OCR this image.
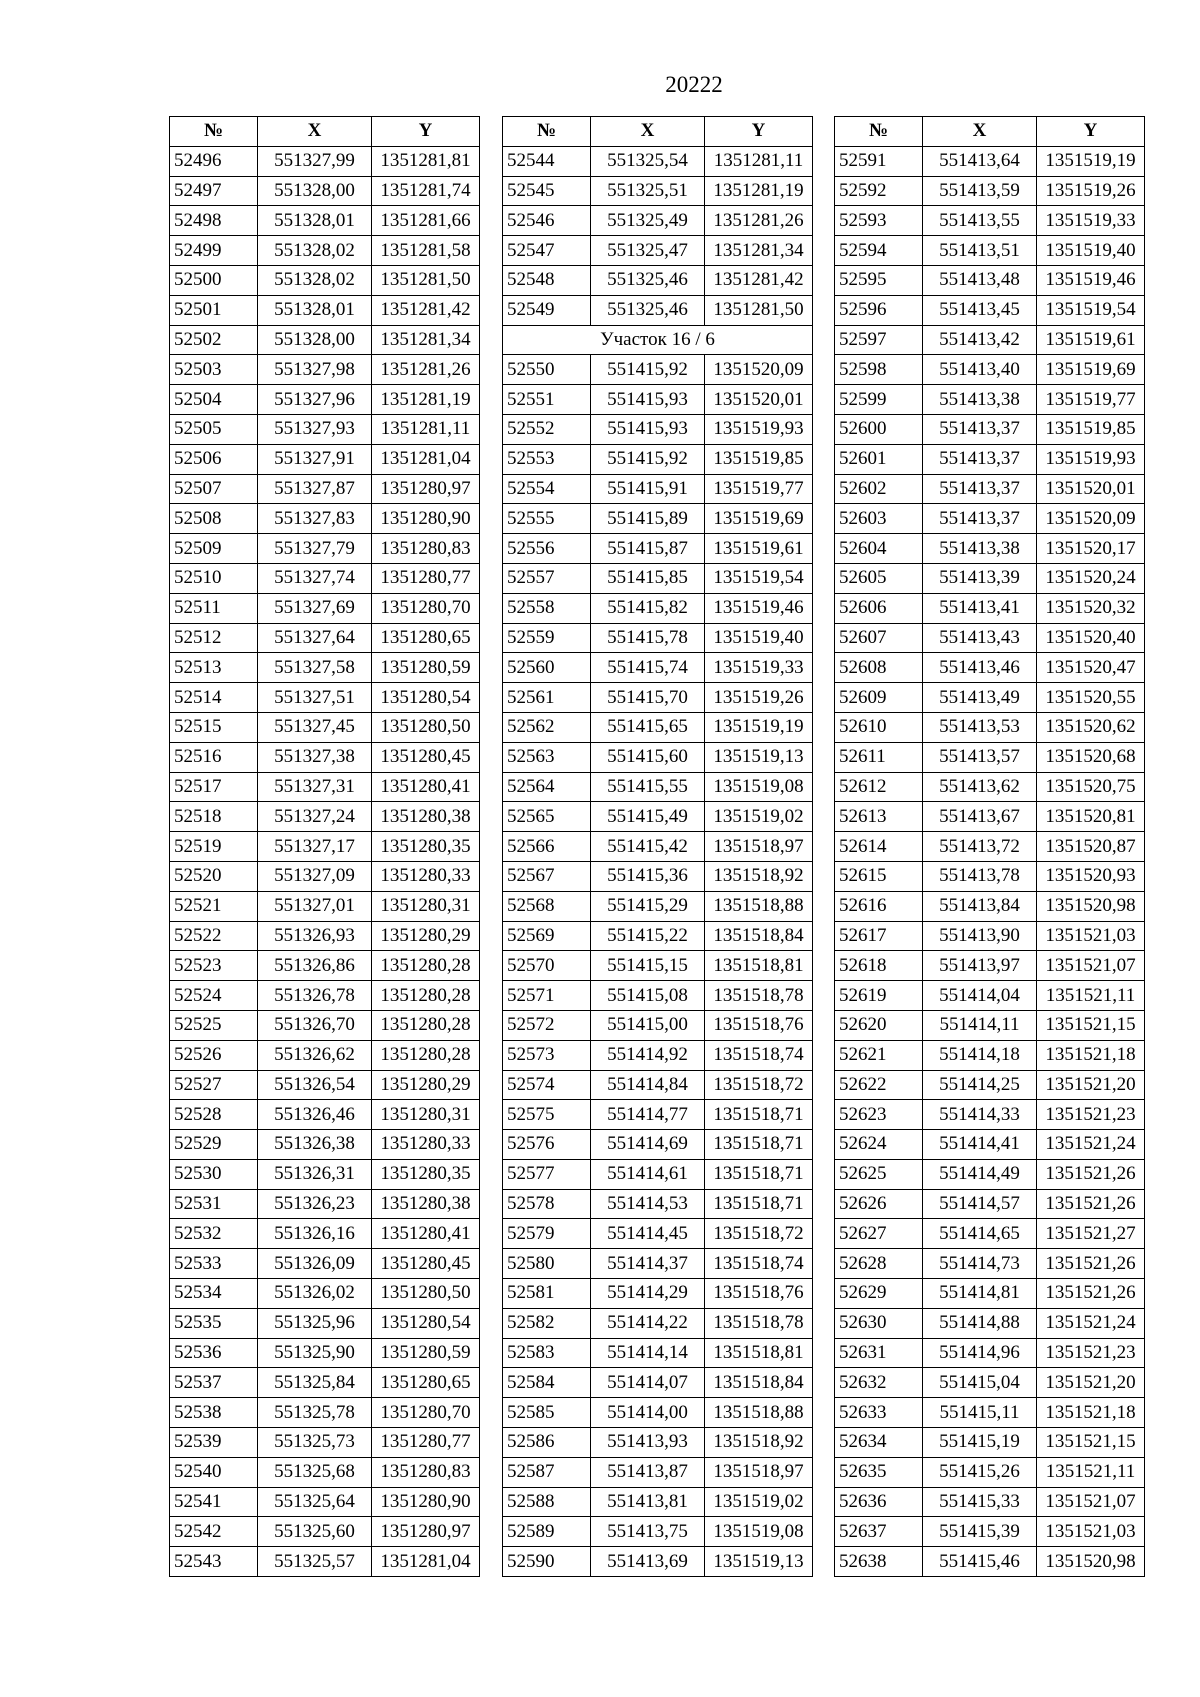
20222
№	X	Y
52496	551327,99	1351281,81
52497	551328,00	1351281,74
52498	551328,01	1351281,66
52499	551328,02	1351281,58
52500	551328,02	1351281,50
52501	551328,01	1351281,42
52502	551328,00	1351281,34
52503	551327,98	1351281,26
52504	551327,96	1351281,19
52505	551327,93	1351281,11
52506	551327,91	1351281,04
52507	551327,87	1351280,97
52508	551327,83	1351280,90
52509	551327,79	1351280,83
52510	551327,74	1351280,77
52511	551327,69	1351280,70
52512	551327,64	1351280,65
52513	551327,58	1351280,59
52514	551327,51	1351280,54
52515	551327,45	1351280,50
52516	551327,38	1351280,45
52517	551327,31	1351280,41
52518	551327,24	1351280,38
52519	551327,17	1351280,35
52520	551327,09	1351280,33
52521	551327,01	1351280,31
52522	551326,93	1351280,29
52523	551326,86	1351280,28
52524	551326,78	1351280,28
52525	551326,70	1351280,28
52526	551326,62	1351280,28
52527	551326,54	1351280,29
52528	551326,46	1351280,31
52529	551326,38	1351280,33
52530	551326,31	1351280,35
52531	551326,23	1351280,38
52532	551326,16	1351280,41
52533	551326,09	1351280,45
52534	551326,02	1351280,50
52535	551325,96	1351280,54
52536	551325,90	1351280,59
52537	551325,84	1351280,65
52538	551325,78	1351280,70
52539	551325,73	1351280,77
52540	551325,68	1351280,83
52541	551325,64	1351280,90
52542	551325,60	1351280,97
52543	551325,57	1351281,04
№	X	Y
52544	551325,54	1351281,11
52545	551325,51	1351281,19
52546	551325,49	1351281,26
52547	551325,47	1351281,34
52548	551325,46	1351281,42
52549	551325,46	1351281,50
Участок 16 / 6		
52550	551415,92	1351520,09
52551	551415,93	1351520,01
52552	551415,93	1351519,93
52553	551415,92	1351519,85
52554	551415,91	1351519,77
52555	551415,89	1351519,69
52556	551415,87	1351519,61
52557	551415,85	1351519,54
52558	551415,82	1351519,46
52559	551415,78	1351519,40
52560	551415,74	1351519,33
52561	551415,70	1351519,26
52562	551415,65	1351519,19
52563	551415,60	1351519,13
52564	551415,55	1351519,08
52565	551415,49	1351519,02
52566	551415,42	1351518,97
52567	551415,36	1351518,92
52568	551415,29	1351518,88
52569	551415,22	1351518,84
52570	551415,15	1351518,81
52571	551415,08	1351518,78
52572	551415,00	1351518,76
52573	551414,92	1351518,74
52574	551414,84	1351518,72
52575	551414,77	1351518,71
52576	551414,69	1351518,71
52577	551414,61	1351518,71
52578	551414,53	1351518,71
52579	551414,45	1351518,72
52580	551414,37	1351518,74
52581	551414,29	1351518,76
52582	551414,22	1351518,78
52583	551414,14	1351518,81
52584	551414,07	1351518,84
52585	551414,00	1351518,88
52586	551413,93	1351518,92
52587	551413,87	1351518,97
52588	551413,81	1351519,02
52589	551413,75	1351519,08
52590	551413,69	1351519,13
№	X	Y
52591	551413,64	1351519,19
52592	551413,59	1351519,26
52593	551413,55	1351519,33
52594	551413,51	1351519,40
52595	551413,48	1351519,46
52596	551413,45	1351519,54
52597	551413,42	1351519,61
52598	551413,40	1351519,69
52599	551413,38	1351519,77
52600	551413,37	1351519,85
52601	551413,37	1351519,93
52602	551413,37	1351520,01
52603	551413,37	1351520,09
52604	551413,38	1351520,17
52605	551413,39	1351520,24
52606	551413,41	1351520,32
52607	551413,43	1351520,40
52608	551413,46	1351520,47
52609	551413,49	1351520,55
52610	551413,53	1351520,62
52611	551413,57	1351520,68
52612	551413,62	1351520,75
52613	551413,67	1351520,81
52614	551413,72	1351520,87
52615	551413,78	1351520,93
52616	551413,84	1351520,98
52617	551413,90	1351521,03
52618	551413,97	1351521,07
52619	551414,04	1351521,11
52620	551414,11	1351521,15
52621	551414,18	1351521,18
52622	551414,25	1351521,20
52623	551414,33	1351521,23
52624	551414,41	1351521,24
52625	551414,49	1351521,26
52626	551414,57	1351521,26
52627	551414,65	1351521,27
52628	551414,73	1351521,26
52629	551414,81	1351521,26
52630	551414,88	1351521,24
52631	551414,96	1351521,23
52632	551415,04	1351521,20
52633	551415,11	1351521,18
52634	551415,19	1351521,15
52635	551415,26	1351521,11
52636	551415,33	1351521,07
52637	551415,39	1351521,03
52638	551415,46	1351520,98
